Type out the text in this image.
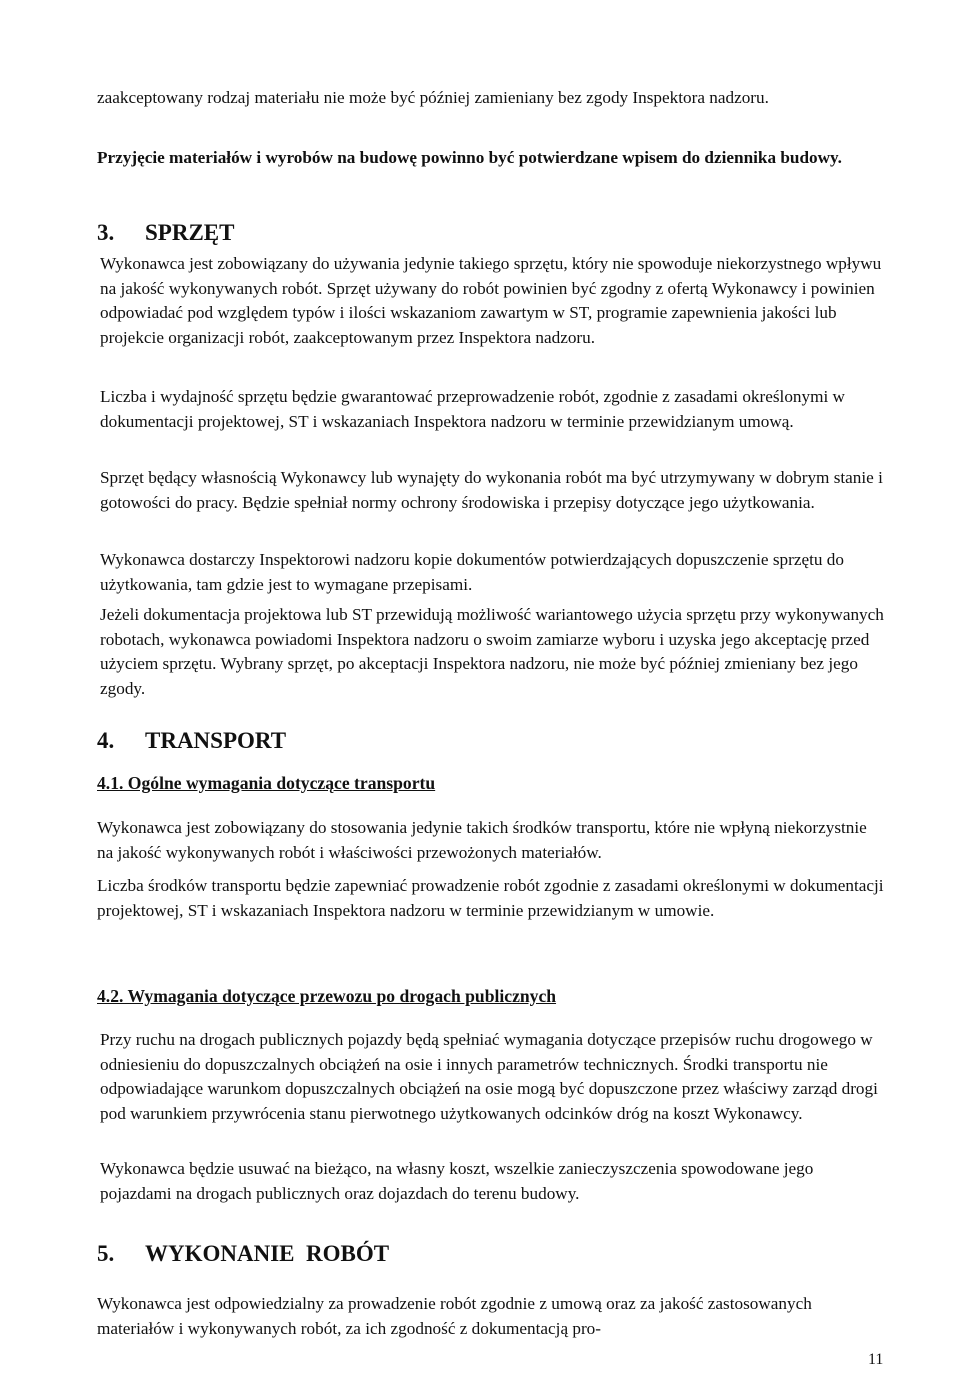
zaakceptowany rodzaj materiału nie może być później zamieniany bez zgody Inspektora nadzoru.

Przyjęcie materiałów i wyrobów na budowę powinno być potwierdzane wpisem do dziennika budowy.

3. SPRZĘT

Wykonawca jest zobowiązany do używania jedynie takiego sprzętu, który nie spowoduje niekorzystnego wpływu na jakość wykonywanych robót. Sprzęt używany do robót powinien być zgodny z ofertą Wykonawcy i powinien odpowiadać pod względem typów i ilości wskazaniom zawartym w ST, programie zapewnienia jakości lub projekcie organizacji robót, zaakceptowanym przez Inspektora nadzoru.

Liczba i wydajność sprzętu będzie gwarantować przeprowadzenie robót, zgodnie z zasadami określonymi w dokumentacji projektowej, ST i wskazaniach Inspektora nadzoru w terminie przewidzianym umową.

Sprzęt będący własnością Wykonawcy lub wynajęty do wykonania robót ma być utrzymywany w dobrym stanie i gotowości do pracy. Będzie spełniał normy ochrony środowiska i przepisy dotyczące jego użytkowania.

Wykonawca dostarczy Inspektorowi nadzoru kopie dokumentów potwierdzających dopuszczenie sprzętu do użytkowania, tam gdzie jest to wymagane przepisami.

Jeżeli dokumentacja projektowa lub ST przewidują możliwość wariantowego użycia sprzętu przy wykonywanych robotach, wykonawca powiadomi Inspektora nadzoru o swoim zamiarze wyboru i uzyska jego akceptację przed użyciem sprzętu. Wybrany sprzęt, po akceptacji Inspektora nadzoru, nie może być później zmieniany bez jego zgody.

4. TRANSPORT
4.1. Ogólne wymagania dotyczące transportu

Wykonawca jest zobowiązany do stosowania jedynie takich środków transportu, które nie wpłyną niekorzystnie na jakość wykonywanych robót i właściwości przewożonych materiałów.

Liczba środków transportu będzie zapewniać prowadzenie robót zgodnie z zasadami określonymi w dokumentacji projektowej, ST i wskazaniach Inspektora nadzoru w terminie przewidzianym w umowie.

4.2. Wymagania dotyczące przewozu po drogach publicznych

Przy ruchu na drogach publicznych pojazdy będą spełniać wymagania dotyczące przepisów ruchu drogowego w odniesieniu do dopuszczalnych obciążeń na osie i innych parametrów technicznych. Środki transportu nie odpowiadające warunkom dopuszczalnych obciążeń na osie mogą być dopuszczone przez właściwy zarząd drogi pod warunkiem przywrócenia stanu pierwotnego użytkowanych odcinków dróg na koszt Wykonawcy.

Wykonawca będzie usuwać na bieżąco, na własny koszt, wszelkie zanieczyszczenia spowodowane jego pojazdami na drogach publicznych oraz dojazdach do terenu budowy.

5. WYKONANIE  ROBÓT

Wykonawca jest odpowiedzialny za prowadzenie robót zgodnie z umową oraz za jakość zastosowanych materiałów i wykonywanych robót, za ich zgodność z dokumentacją pro-

11
